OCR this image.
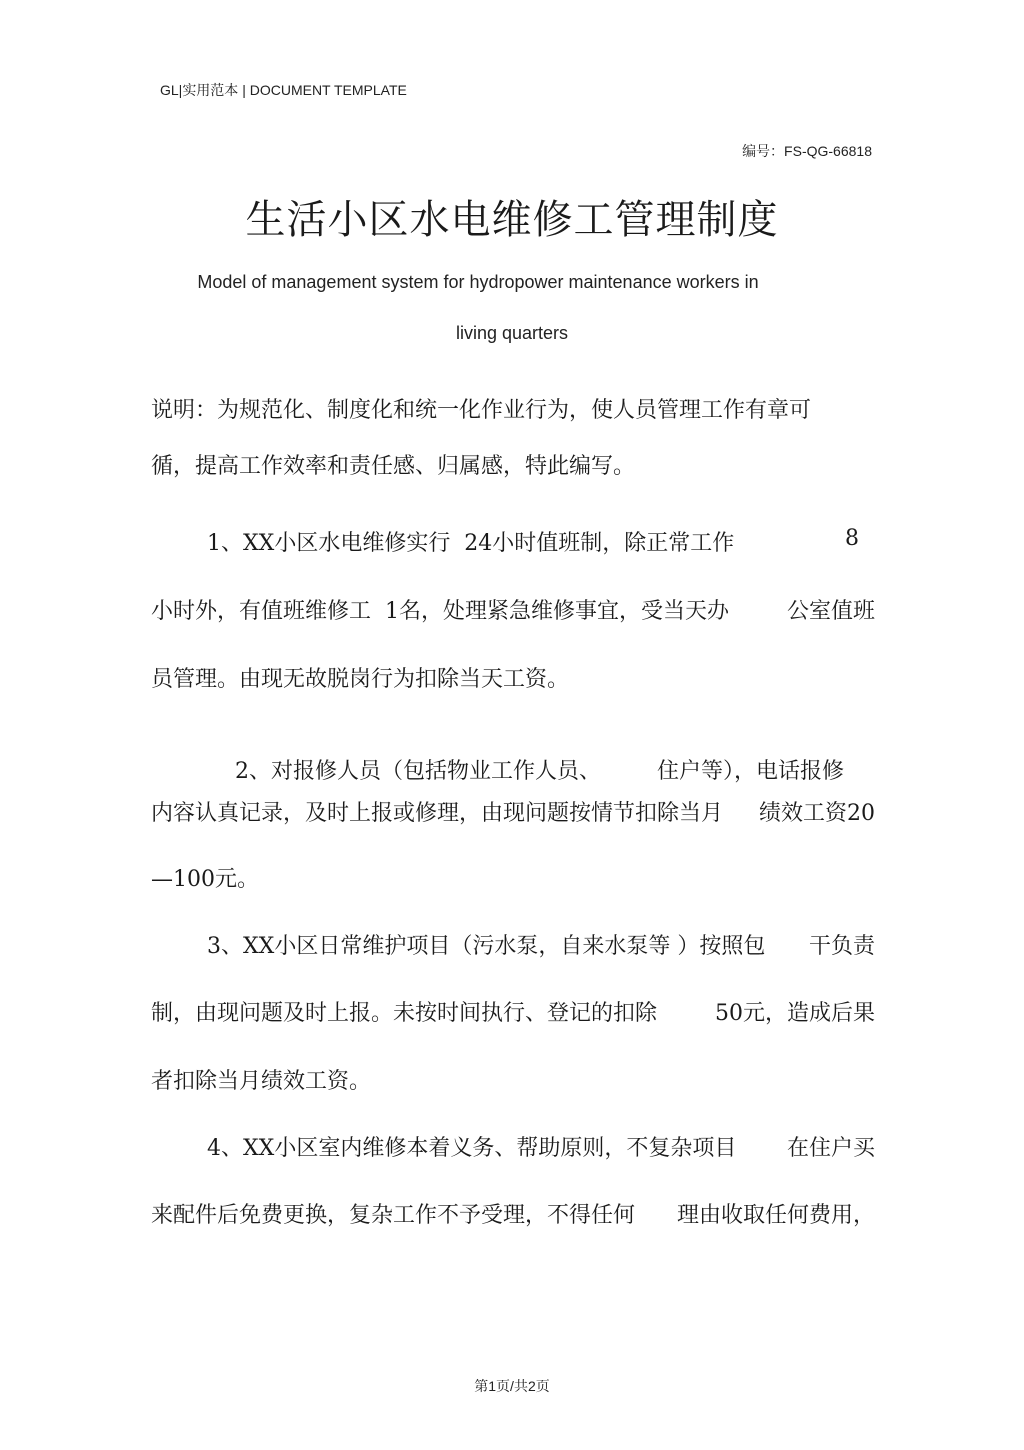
GL|实用范本 | DOCUMENT TEMPLATE
编号：FS-QG-66818
生活小区水电维修工管理制度
Model of management system for hydropower maintenance workers in
living quarters
说明：为规范化、制度化和统一化作业行为，使人员管理工作有章可
循，提高工作效率和责任感、归属感，特此编写。
1、XX小区水电维修实行  24小时值班制，除正常工作	8
小时外，有值班维修工  1名，处理紧急维修事宜，受当天办	公室值班
员管理。由现无故脱岗行为扣除当天工资。

2、对报修人员（包括物业工作人员、	住户等），电话报修

内容认真记录，及时上报或修理，由现问题按情节扣除当月 绩效工资20
—100元。
3、XX小区日常维护项目（污水泵，自来水泵等 ）按照包 干负责
制，由现问题及时上报。未按时间执行、登记的扣除	50元，造成后果
者扣除当月绩效工资。
4、XX小区室内维修本着义务、帮助原则，不复杂项目 在住户买
来配件后免费更换，复杂工作不予受理，不得任何 理由收取任何费用，
第1页/共2页
